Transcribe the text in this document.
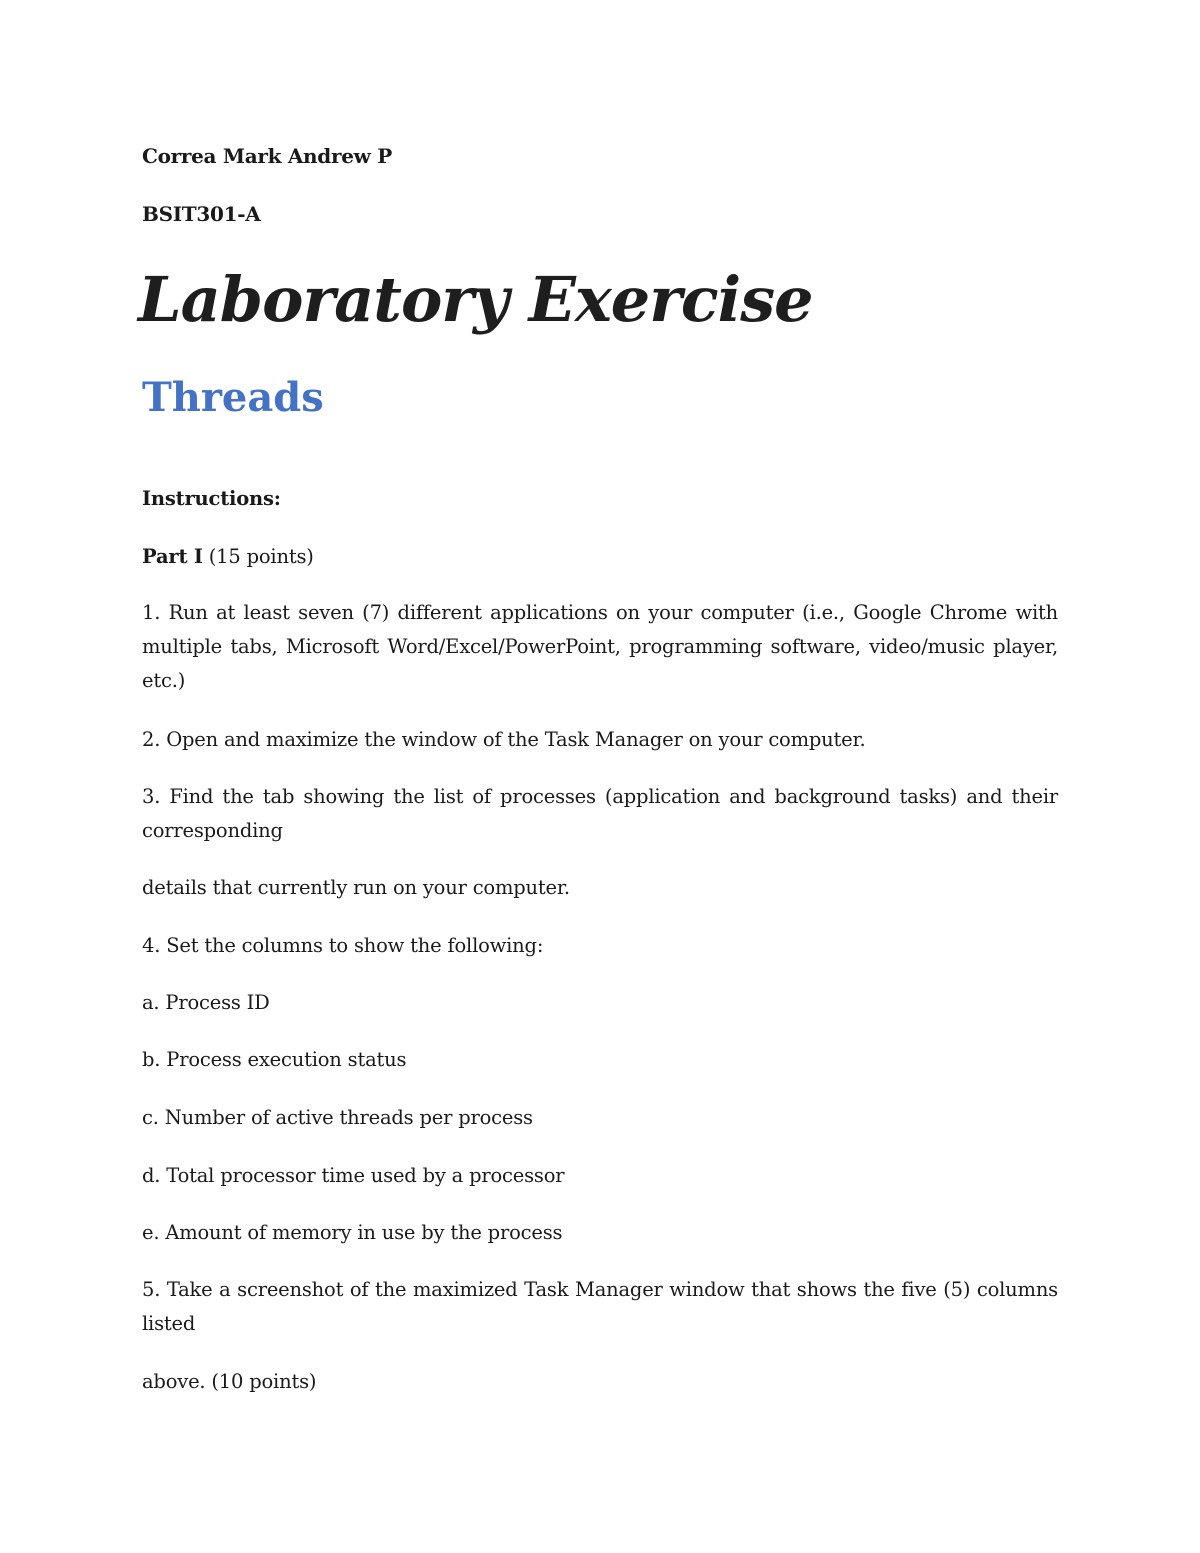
Correa Mark Andrew P

BSIT301-A

Laboratory Exercise
Threads

Instructions:

Part I (15 points)

1. Run at least seven (7) different applications on your computer (i.e., Google Chrome with multiple tabs, Microsoft Word/Excel/PowerPoint, programming software, video/music player, etc.)

2. Open and maximize the window of the Task Manager on your computer.

3. Find the tab showing the list of processes (application and background tasks) and their corresponding

details that currently run on your computer.

4. Set the columns to show the following:

a. Process ID

b. Process execution status

c. Number of active threads per process

d. Total processor time used by a processor

e. Amount of memory in use by the process

5. Take a screenshot of the maximized Task Manager window that shows the five (5) columns listed

above. (10 points)
